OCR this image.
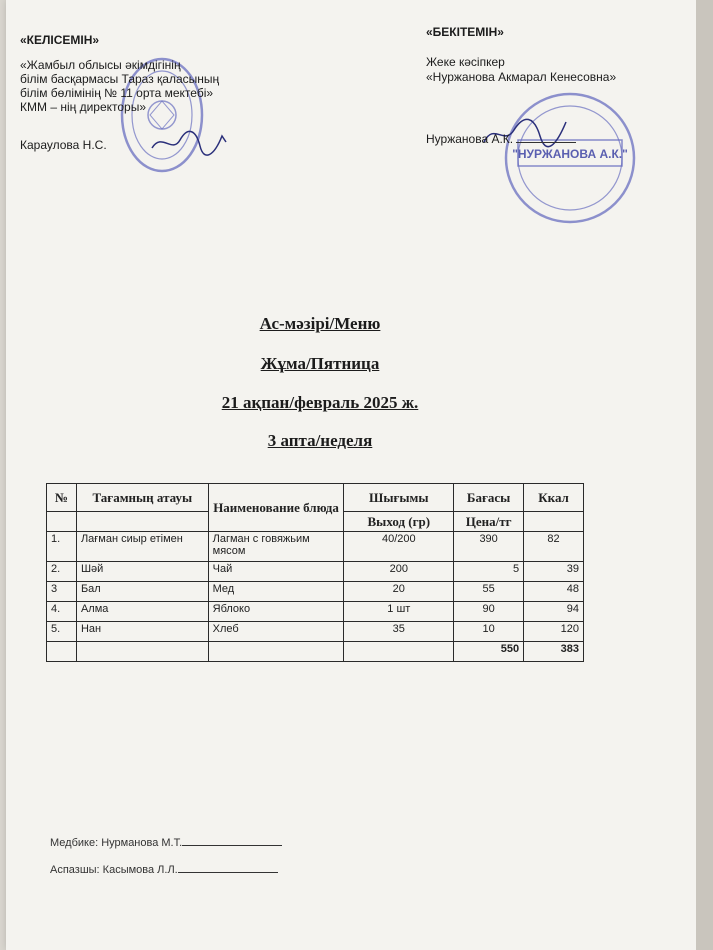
"НУРЖАНОВА А.К."
«КЕЛІСЕМІН»
«Жамбыл облысы әкімдігінің
білім басқармасы Тараз қаласының
білім бөлімінің № 11 орта мектебі»
КММ – нің директоры»
Караулова Н.С.
«БЕКІТЕМІН»
Жеке кәсіпкер
«Нуржанова Акмарал Кенесовна»
Нуржанова А.К.
Ас-мәзірі/Меню
Жұма/Пятница
21 ақпан/февраль 2025 ж.
3 апта/неделя
№	Тағамның атауы	Наименование блюда	Шығымы	Бағасы	Ккал
			Выход (гр)	Цена/тг	
1.	Лағман сиыр етімен	Лагман с говяжьим мясом	40/200	390	82
2.	Шәй	Чай	200	5	39
3	Бал	Мед	20	55	48
4.	Алма	Яблоко	1 шт	90	94
5.	Нан	Хлеб	35	10	120
				550	383
Медбике: Нурманова М.Т.
Аспазшы: Касымова Л.Л.
